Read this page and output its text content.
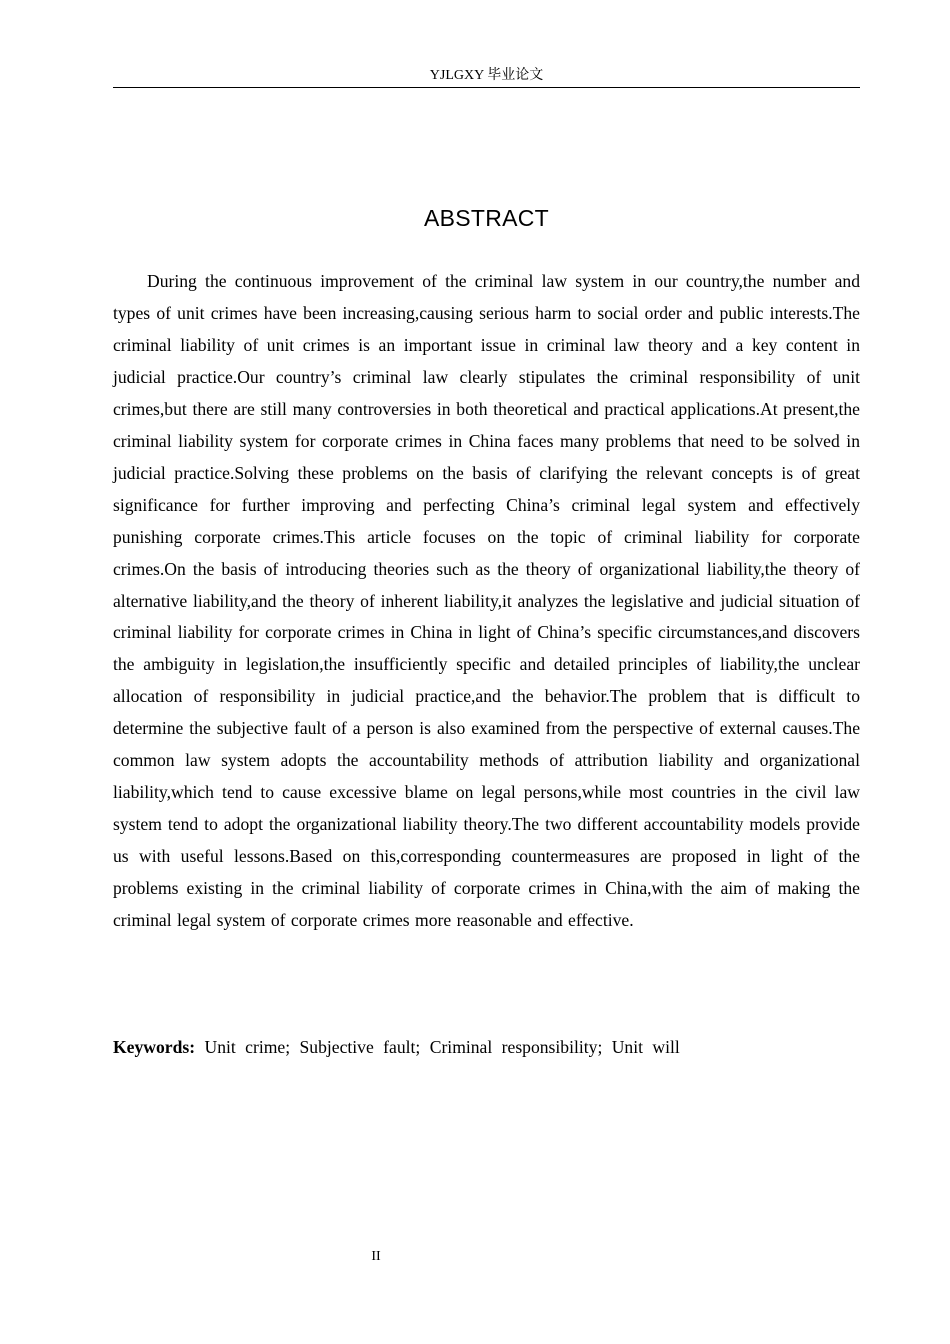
YJLGXY 毕业论文
ABSTRACT

During the continuous improvement of the criminal law system in our country,the number and types of unit crimes have been increasing,causing serious harm to social order and public interests.The criminal liability of unit crimes is an important issue in criminal law theory and a key content in judicial practice.Our country’s criminal law clearly stipulates the criminal responsibility of unit crimes,but there are still many controversies in both theoretical and practical applications.At present,the criminal liability system for corporate crimes in China faces many problems that need to be solved in judicial practice.Solving these problems on the basis of clarifying the relevant concepts is of great significance for further improving and perfecting China’s criminal legal system and effectively punishing corporate crimes.This article focuses on the topic of criminal liability for corporate crimes.On the basis of introducing theories such as the theory of organizational liability,the theory of alternative liability,and the theory of inherent liability,it analyzes the legislative and judicial situation of criminal liability for corporate crimes in China in light of China’s specific circumstances,and discovers the ambiguity in legislation,the insufficiently specific and detailed principles of liability,the unclear allocation of responsibility in judicial practice,and the behavior.The problem that is difficult to determine the subjective fault of a person is also examined from the perspective of external causes.The common law system adopts the accountability methods of attribution liability and organizational liability,which tend to cause excessive blame on legal persons,while most countries in the civil law system tend to adopt the organizational liability theory.The two different accountability models provide us with useful lessons.Based on this,corresponding countermeasures are proposed in light of the problems existing in the criminal liability of corporate crimes in China,with the aim of making the criminal legal system of corporate crimes more reasonable and effective.

Keywords: Unit crime; Subjective fault; Criminal responsibility; Unit will

II
